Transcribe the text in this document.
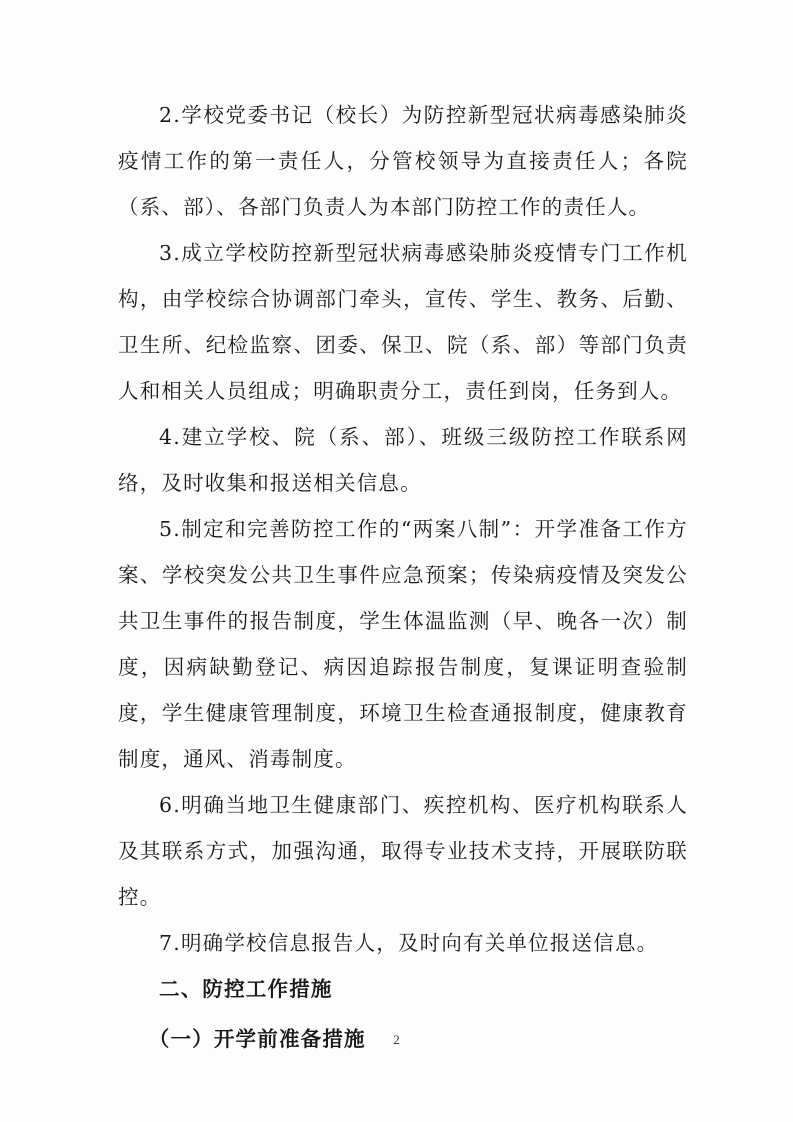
2.学校党委书记（校长）为防控新型冠状病毒感染肺炎疫情工作的第一责任人，分管校领导为直接责任人；各院（系、部）、各部门负责人为本部门防控工作的责任人。

3.成立学校防控新型冠状病毒感染肺炎疫情专门工作机构，由学校综合协调部门牵头，宣传、学生、教务、后勤、卫生所、纪检监察、团委、保卫、院（系、部）等部门负责人和相关人员组成；明确职责分工，责任到岗，任务到人。

4.建立学校、院（系、部）、班级三级防控工作联系网络，及时收集和报送相关信息。

5.制定和完善防控工作的“两案八制”：开学准备工作方案、学校突发公共卫生事件应急预案；传染病疫情及突发公共卫生事件的报告制度，学生体温监测（早、晚各一次）制度，因病缺勤登记、病因追踪报告制度，复课证明查验制度，学生健康管理制度，环境卫生检查通报制度，健康教育制度，通风、消毒制度。

6.明确当地卫生健康部门、疾控机构、医疗机构联系人及其联系方式，加强沟通，取得专业技术支持，开展联防联控。

7.明确学校信息报告人，及时向有关单位报送信息。

二、防控工作措施

（一）开学前准备措施	2
